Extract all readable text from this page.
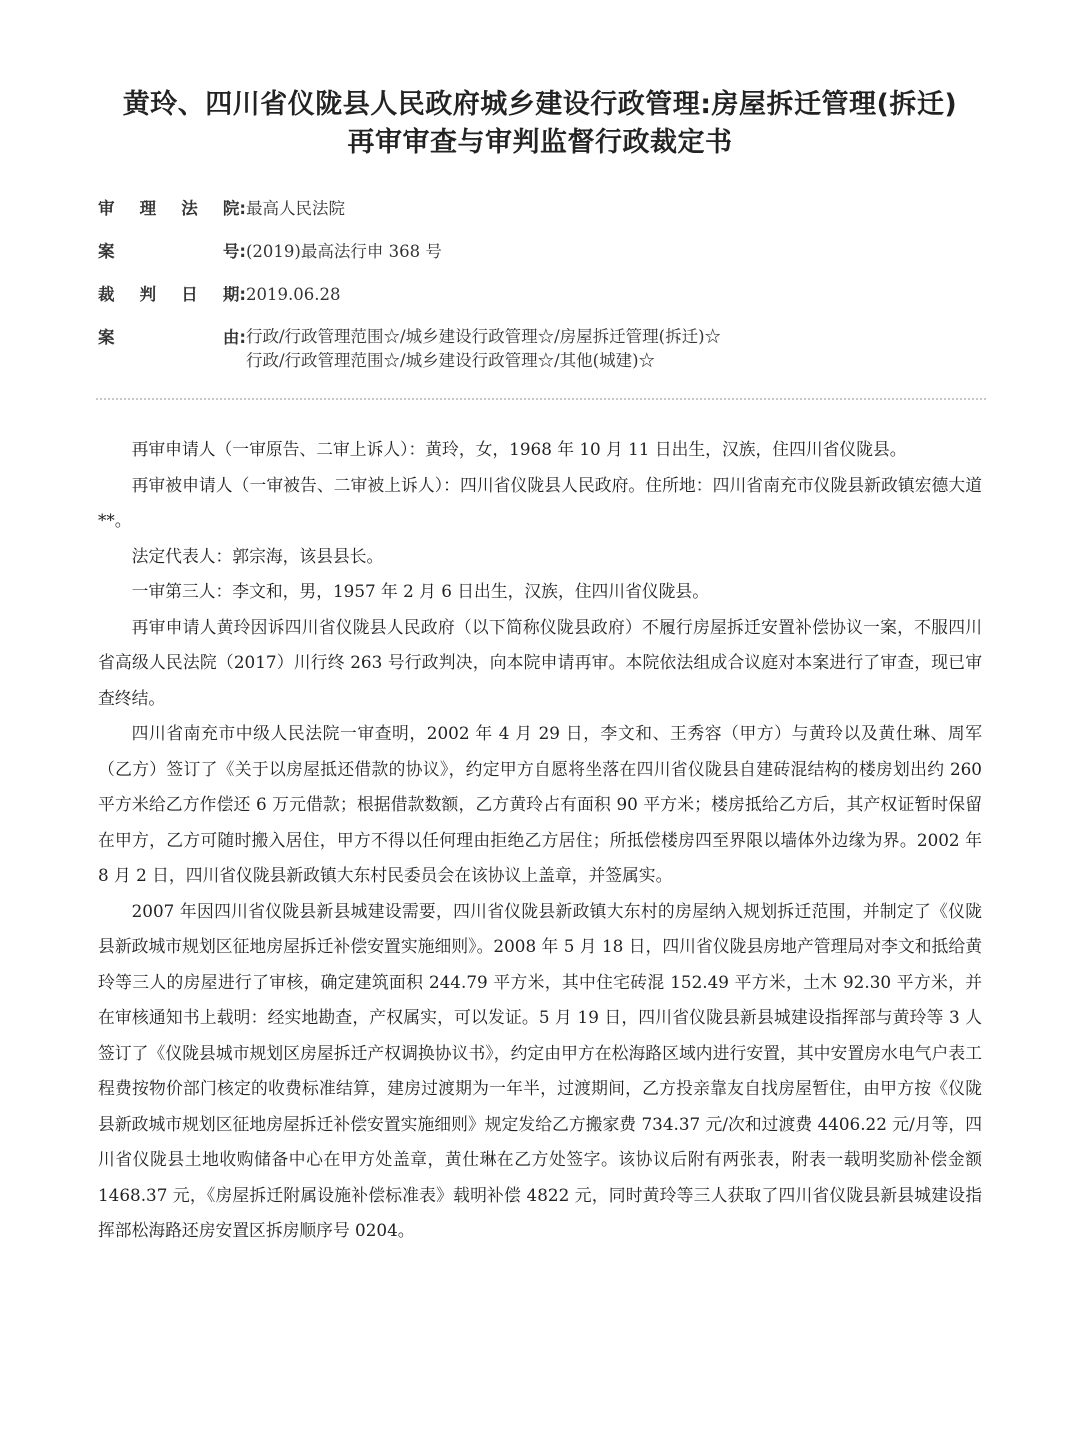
黄玲、四川省仪陇县人民政府城乡建设行政管理:房屋拆迁管理(拆迁)
再审审查与审判监督行政裁定书
审 理 法 院: 最高人民法院
案	号: (2019)最高法行申 368 号
裁 判 日 期: 2019.06.28
案	由: 行政/行政管理范围☆/城乡建设行政管理☆/房屋拆迁管理(拆迁)☆
行政/行政管理范围☆/城乡建设行政管理☆/其他(城建)☆

再审申请人（一审原告、二审上诉人）：黄玲，女，1968 年 10 月 11 日出生，汉族，住四川省仪陇县。

再审被申请人（一审被告、二审被上诉人）：四川省仪陇县人民政府。住所地：四川省南充市仪陇县新政镇宏德大道**。

法定代表人：郭宗海，该县县长。

一审第三人：李文和，男，1957 年 2 月 6 日出生，汉族，住四川省仪陇县。

再审申请人黄玲因诉四川省仪陇县人民政府（以下简称仪陇县政府）不履行房屋拆迁安置补偿协议一案，不服四川省高级人民法院（2017）川行终 263 号行政判决，向本院申请再审。本院依法组成合议庭对本案进行了审查，现已审查终结。

四川省南充市中级人民法院一审查明，2002 年 4 月 29 日，李文和、王秀容（甲方）与黄玲以及黄仕琳、周军（乙方）签订了《关于以房屋抵还借款的协议》，约定甲方自愿将坐落在四川省仪陇县自建砖混结构的楼房划出约 260 平方米给乙方作偿还 6 万元借款；根据借款数额，乙方黄玲占有面积 90 平方米；楼房抵给乙方后，其产权证暂时保留在甲方，乙方可随时搬入居住，甲方不得以任何理由拒绝乙方居住；所抵偿楼房四至界限以墙体外边缘为界。2002 年 8 月 2 日，四川省仪陇县新政镇大东村民委员会在该协议上盖章，并签属实。

2007 年因四川省仪陇县新县城建设需要，四川省仪陇县新政镇大东村的房屋纳入规划拆迁范围，并制定了《仪陇县新政城市规划区征地房屋拆迁补偿安置实施细则》。2008 年 5 月 18 日，四川省仪陇县房地产管理局对李文和抵给黄玲等三人的房屋进行了审核，确定建筑面积 244.79 平方米，其中住宅砖混 152.49 平方米，土木 92.30 平方米，并在审核通知书上载明：经实地勘查，产权属实，可以发证。5 月 19 日，四川省仪陇县新县城建设指挥部与黄玲等 3 人签订了《仪陇县城市规划区房屋拆迁产权调换协议书》，约定由甲方在松海路区域内进行安置，其中安置房水电气户表工程费按物价部门核定的收费标准结算，建房过渡期为一年半，过渡期间，乙方投亲靠友自找房屋暂住，由甲方按《仪陇县新政城市规划区征地房屋拆迁补偿安置实施细则》规定发给乙方搬家费 734.37 元/次和过渡费 4406.22 元/月等，四川省仪陇县土地收购储备中心在甲方处盖章，黄仕琳在乙方处签字。该协议后附有两张表，附表一载明奖励补偿金额 1468.37 元，《房屋拆迁附属设施补偿标准表》载明补偿 4822 元，同时黄玲等三人获取了四川省仪陇县新县城建设指挥部松海路还房安置区拆房顺序号 0204。
